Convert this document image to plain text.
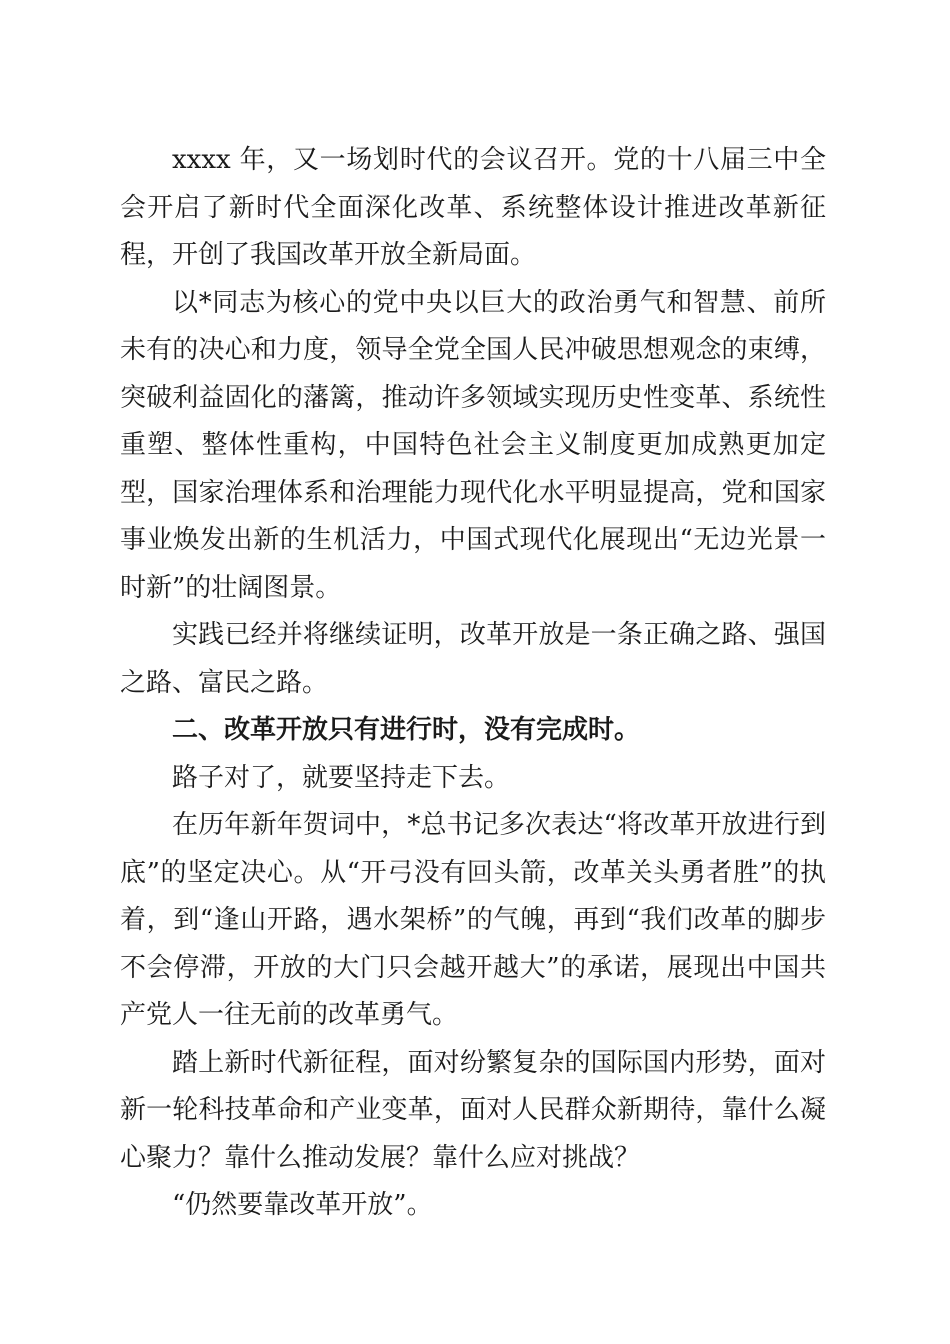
xxxx 年，又一场划时代的会议召开。党的十八届三中全会开启了新时代全面深化改革、系统整体设计推进改革新征程，开创了我国改革开放全新局面。

以*同志为核心的党中央以巨大的政治勇气和智慧、前所未有的决心和力度，领导全党全国人民冲破思想观念的束缚，突破利益固化的藩篱，推动许多领域实现历史性变革、系统性重塑、整体性重构，中国特色社会主义制度更加成熟更加定型，国家治理体系和治理能力现代化水平明显提高，党和国家事业焕发出新的生机活力，中国式现代化展现出“无边光景一时新”的壮阔图景。

实践已经并将继续证明，改革开放是一条正确之路、强国之路、富民之路。

二、改革开放只有进行时，没有完成时。

路子对了，就要坚持走下去。

在历年新年贺词中，*总书记多次表达“将改革开放进行到底”的坚定决心。从“开弓没有回头箭，改革关头勇者胜”的执着，到“逢山开路，遇水架桥”的气魄，再到“我们改革的脚步不会停滞，开放的大门只会越开越大”的承诺，展现出中国共产党人一往无前的改革勇气。

踏上新时代新征程，面对纷繁复杂的国际国内形势，面对新一轮科技革命和产业变革，面对人民群众新期待，靠什么凝心聚力？靠什么推动发展？靠什么应对挑战？

“仍然要靠改革开放”。
